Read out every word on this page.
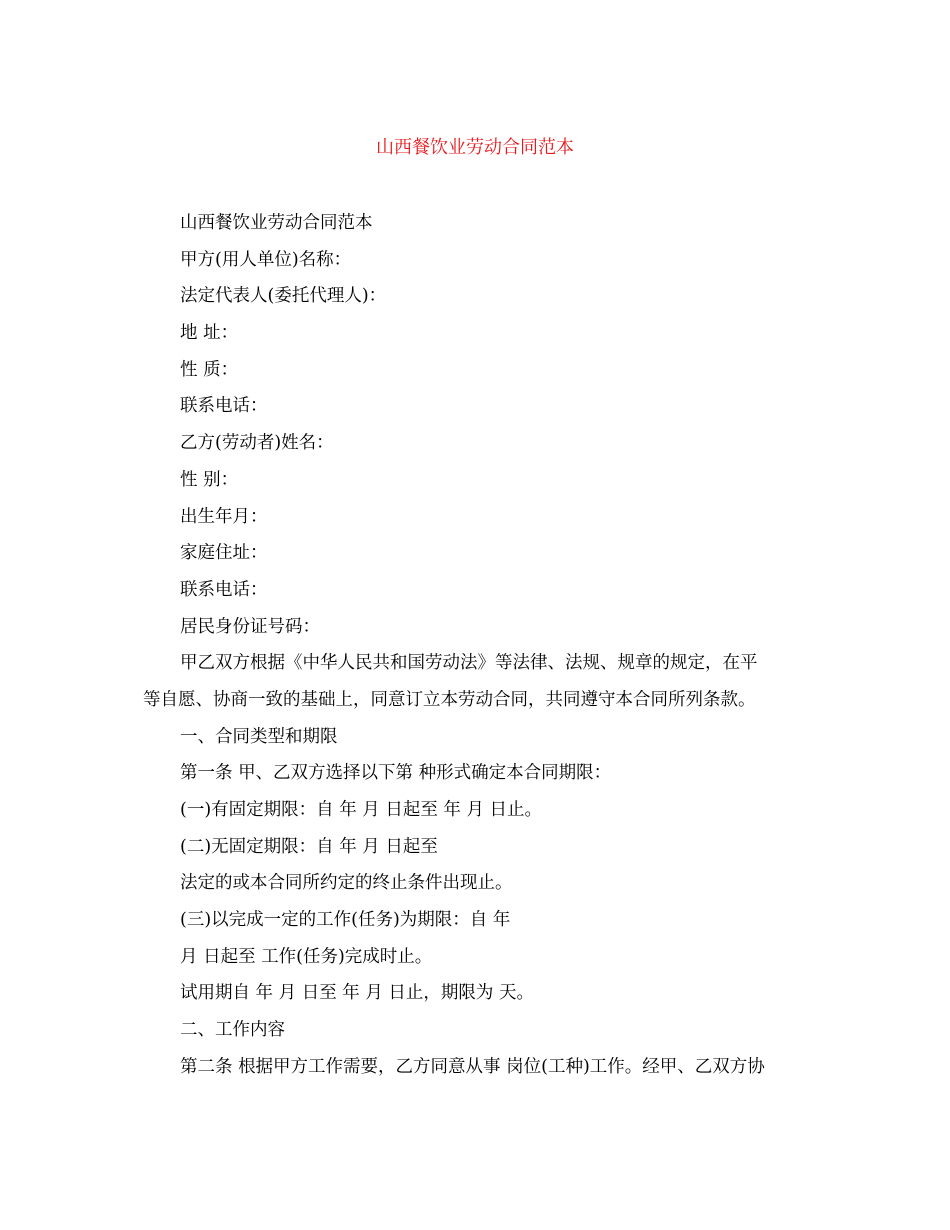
山西餐饮业劳动合同范本
山西餐饮业劳动合同范本
甲方(用人单位)名称：
法定代表人(委托代理人)：
地 址：
性 质：
联系电话：
乙方(劳动者)姓名：
性 别：
出生年月：
家庭住址：
联系电话：
居民身份证号码：
甲乙双方根据《中华人民共和国劳动法》等法律、法规、规章的规定，在平
等自愿、协商一致的基础上，同意订立本劳动合同，共同遵守本合同所列条款。
一、合同类型和期限
第一条 甲、乙双方选择以下第 种形式确定本合同期限：
(一)有固定期限：自 年 月 日起至 年 月 日止。
(二)无固定期限：自 年 月 日起至
法定的或本合同所约定的终止条件出现止。
(三)以完成一定的工作(任务)为期限：自 年
月 日起至 工作(任务)完成时止。
试用期自 年 月 日至 年 月 日止，期限为 天。
二、工作内容
第二条 根据甲方工作需要，乙方同意从事 岗位(工种)工作。经甲、乙双方协
